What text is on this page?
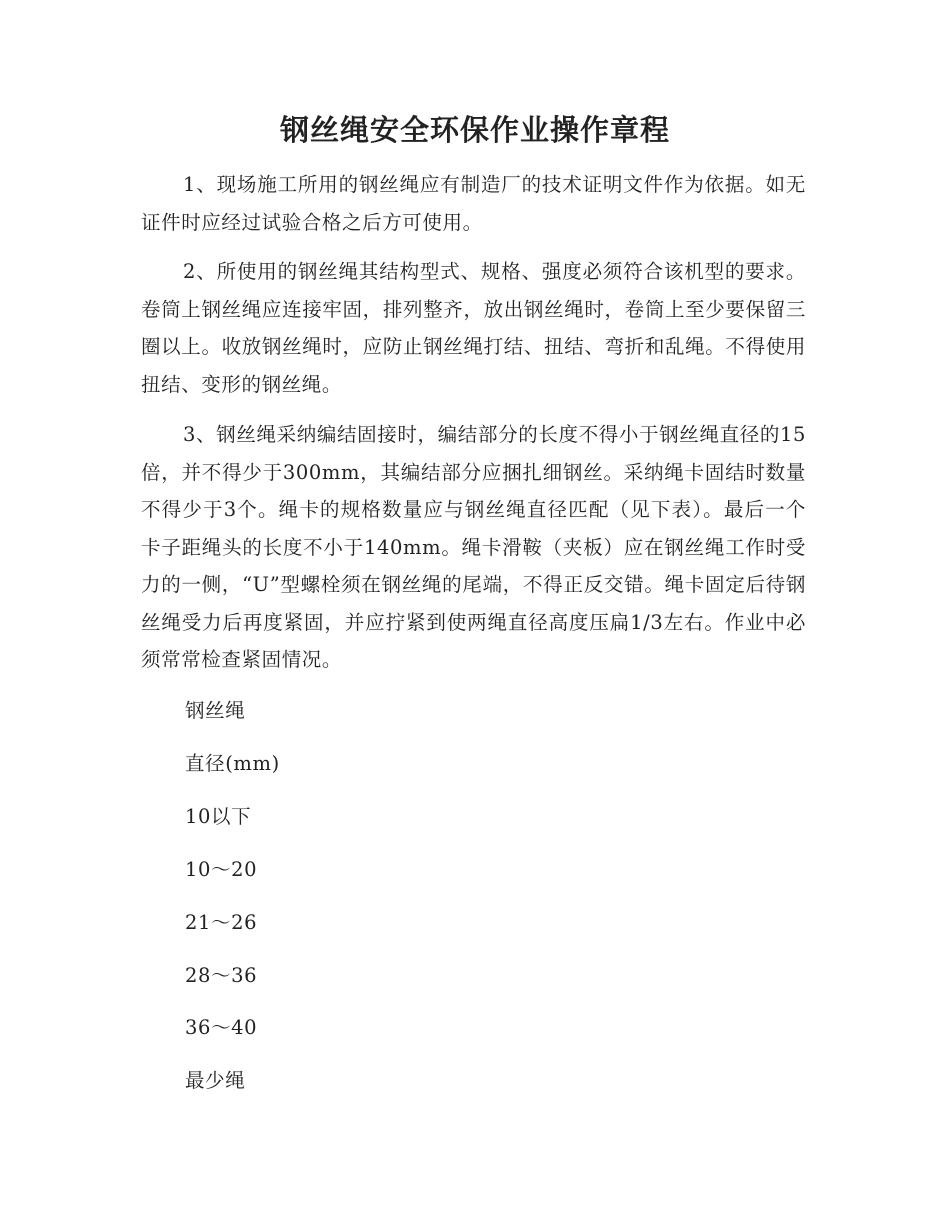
钢丝绳安全环保作业操作章程

1、现场施工所用的钢丝绳应有制造厂的技术证明文件作为依据。如无证件时应经过试验合格之后方可使用。

2、所使用的钢丝绳其结构型式、规格、强度必须符合该机型的要求。卷筒上钢丝绳应连接牢固，排列整齐，放出钢丝绳时，卷筒上至少要保留三圈以上。收放钢丝绳时，应防止钢丝绳打结、扭结、弯折和乱绳。不得使用扭结、变形的钢丝绳。

3、钢丝绳采纳编结固接时，编结部分的长度不得小于钢丝绳直径的15倍，并不得少于300mm，其编结部分应捆扎细钢丝。采纳绳卡固结时数量不得少于3个。绳卡的规格数量应与钢丝绳直径匹配（见下表）。最后一个卡子距绳头的长度不小于140mm。绳卡滑鞍（夹板）应在钢丝绳工作时受力的一侧，“U”型螺栓须在钢丝绳的尾端，不得正反交错。绳卡固定后待钢丝绳受力后再度紧固，并应拧紧到使两绳直径高度压扁1/3左右。作业中必须常常检查紧固情况。

钢丝绳

直径(mm)

10以下

10～20

21～26

28～36

36～40

最少绳
